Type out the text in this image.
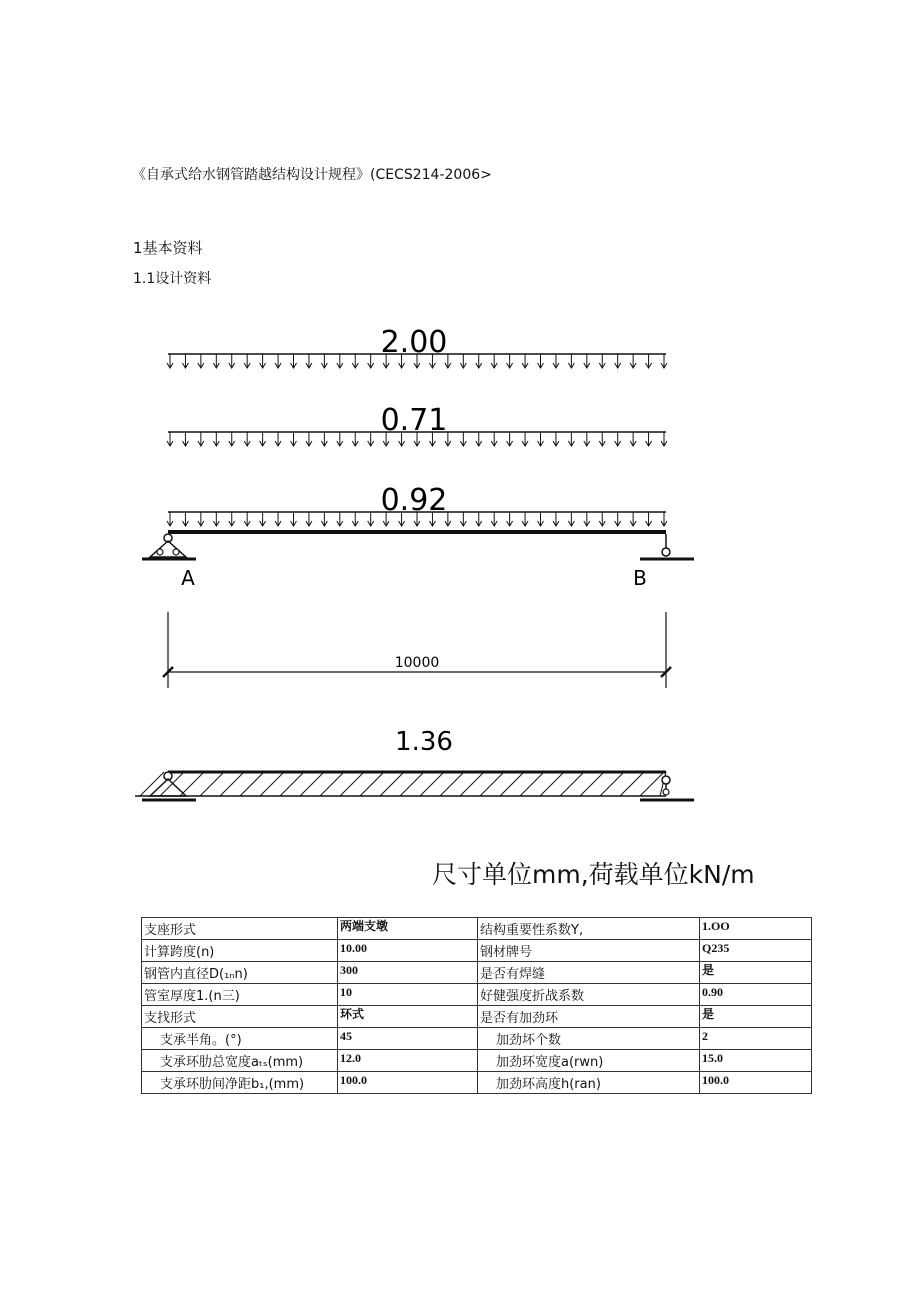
《自承式给水钢管踏越结构设计规程》(CECS214-2006>
1基本资料
1.1设计资料
2.00
0.71
0.92
A	B
10000
1.36
尺寸单位mm,荷载单位kN/m
支座形式	两端支墩	结构重要性系数Y,	1.OO
计算跨度(n)	10.00	钢材牌号	Q235
钢管内直径D(₁ₙn)	300	是否有焊缝	是
管室厚度1.(n三)	10	好健强度折战系数	0.90
支找形式	环式	是否有加劲环	是
支承半角。(°)	45	加劲坏个数	2
支承环肋总宽度aₜₛ(mm)	12.0	加劲环宽度a(rwn)	15.0
支承环肋间净距b₁,(mm)	100.0	加劲环高度h(ran)	100.0
